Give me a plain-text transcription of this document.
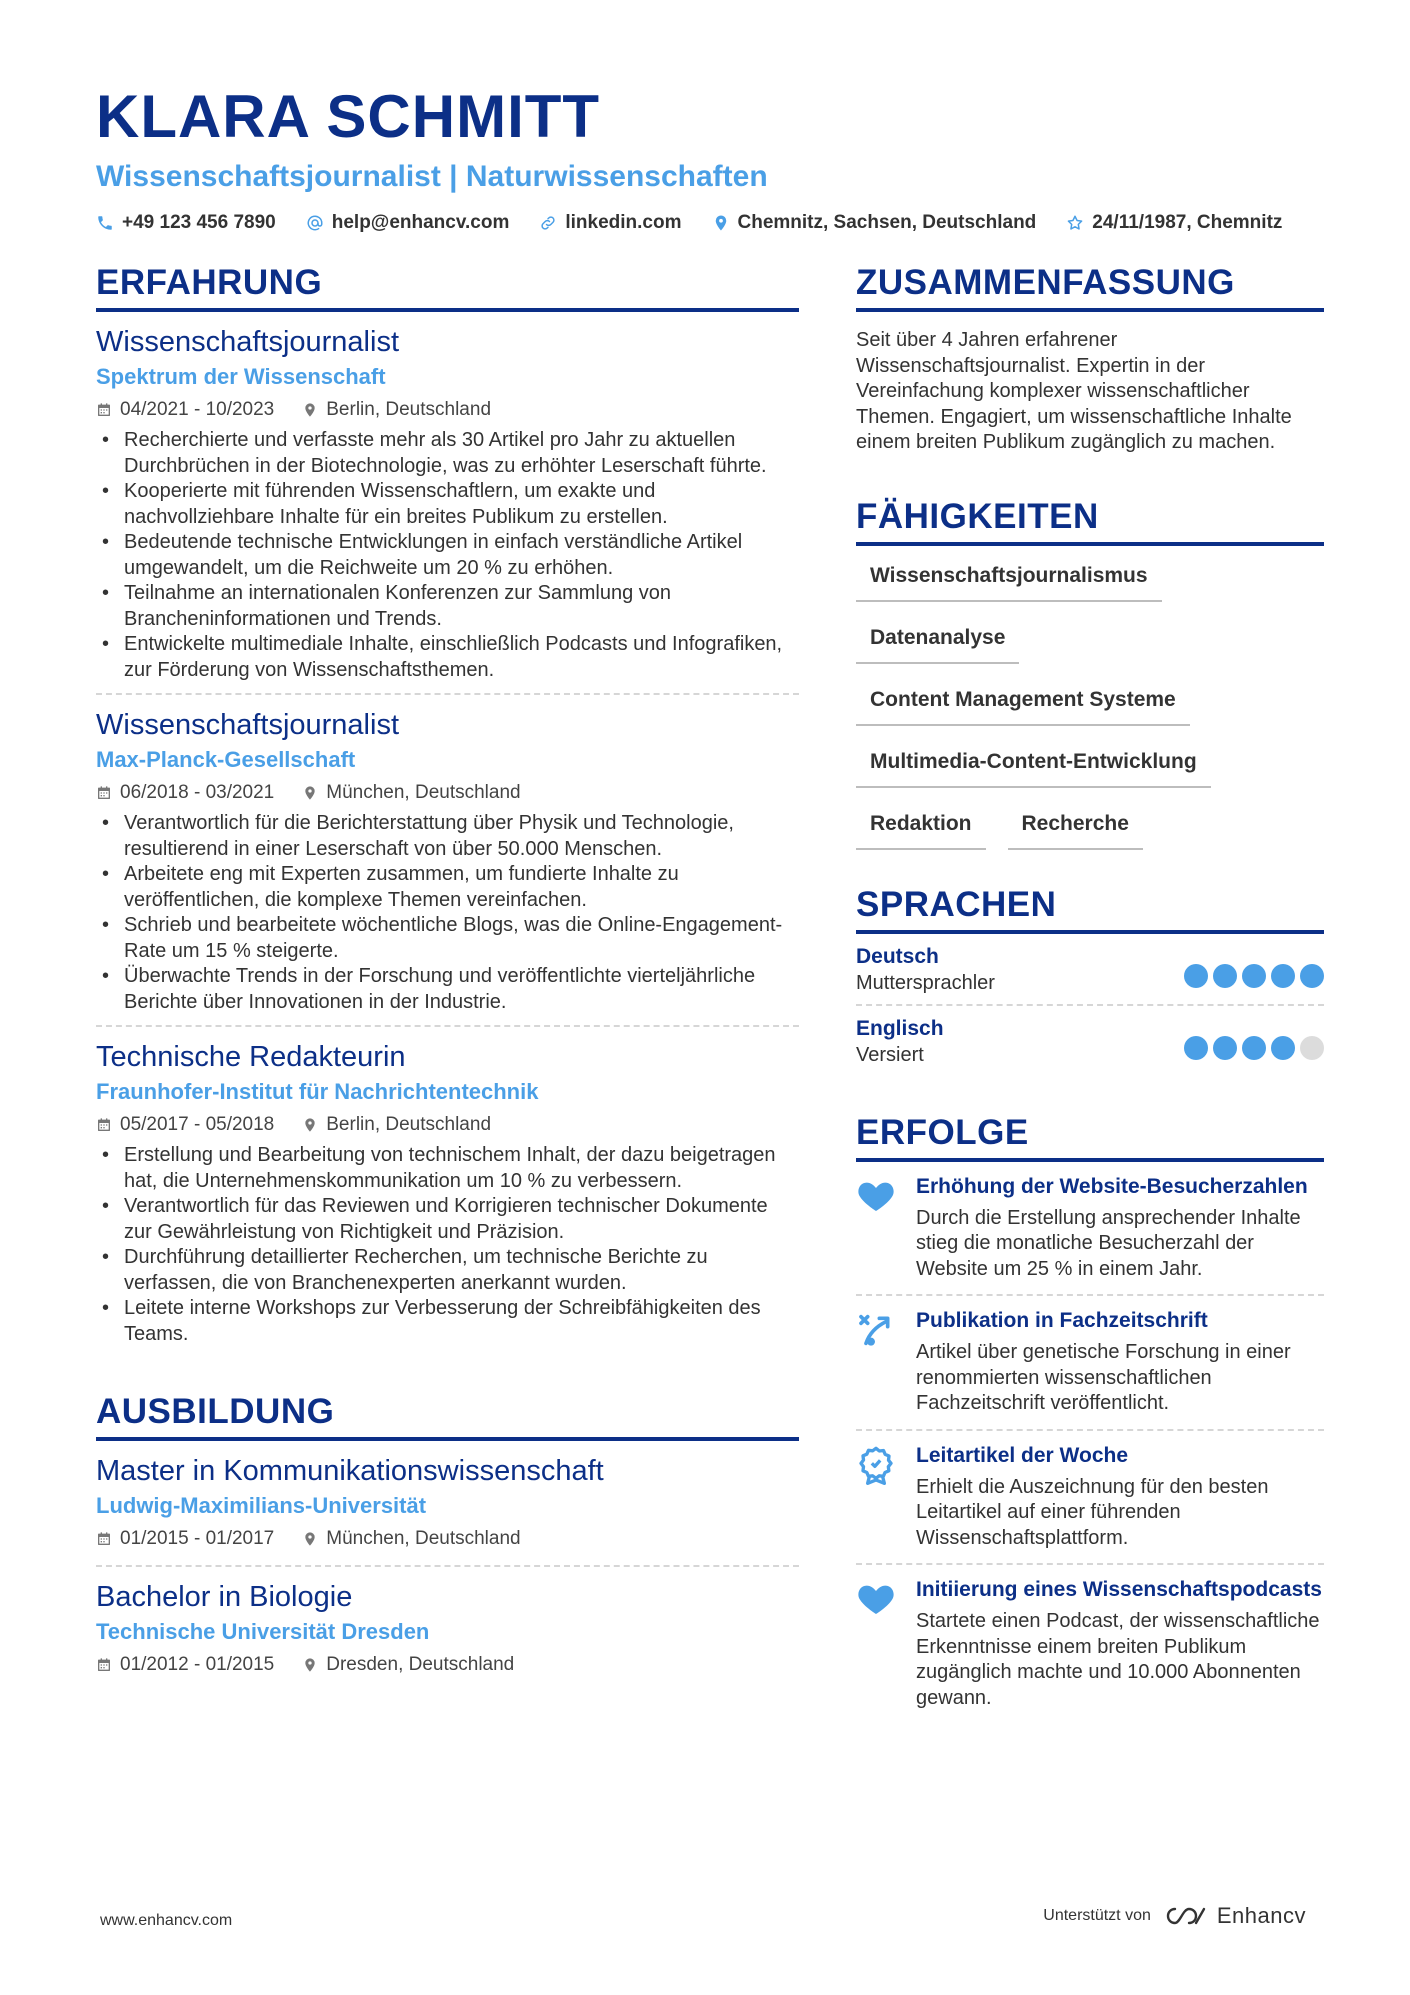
KLARA SCHMITT
Wissenschaftsjournalist | Naturwissenschaften
+49 123 456 7890	help@enhancv.com	linkedin.com	Chemnitz, Sachsen, Deutschland	24/11/1987, Chemnitz
ERFAHRUNG
Wissenschaftsjournalist
Spektrum der Wissenschaft
04/2021 - 10/2023	Berlin, Deutschland
• Recherchierte und verfasste mehr als 30 Artikel pro Jahr zu aktuellen Durchbrüchen in der Biotechnologie, was zu erhöhter Leserschaft führte.
• Kooperierte mit führenden Wissenschaftlern, um exakte und nachvollziehbare Inhalte für ein breites Publikum zu erstellen.
• Bedeutende technische Entwicklungen in einfach verständliche Artikel umgewandelt, um die Reichweite um 20 % zu erhöhen.
• Teilnahme an internationalen Konferenzen zur Sammlung von Brancheninformationen und Trends.
• Entwickelte multimediale Inhalte, einschließlich Podcasts und Infografiken, zur Förderung von Wissenschaftsthemen.
Wissenschaftsjournalist
Max-Planck-Gesellschaft
06/2018 - 03/2021	München, Deutschland
• Verantwortlich für die Berichterstattung über Physik und Technologie, resultierend in einer Leserschaft von über 50.000 Menschen.
• Arbeitete eng mit Experten zusammen, um fundierte Inhalte zu veröffentlichen, die komplexe Themen vereinfachen.
• Schrieb und bearbeitete wöchentliche Blogs, was die Online-Engagement-Rate um 15 % steigerte.
• Überwachte Trends in der Forschung und veröffentlichte vierteljährliche Berichte über Innovationen in der Industrie.
Technische Redakteurin
Fraunhofer-Institut für Nachrichtentechnik
05/2017 - 05/2018	Berlin, Deutschland
• Erstellung und Bearbeitung von technischem Inhalt, der dazu beigetragen hat, die Unternehmenskommunikation um 10 % zu verbessern.
• Verantwortlich für das Reviewen und Korrigieren technischer Dokumente zur Gewährleistung von Richtigkeit und Präzision.
• Durchführung detaillierter Recherchen, um technische Berichte zu verfassen, die von Branchenexperten anerkannt wurden.
• Leitete interne Workshops zur Verbesserung der Schreibfähigkeiten des Teams.
AUSBILDUNG
Master in Kommunikationswissenschaft
Ludwig-Maximilians-Universität
01/2015 - 01/2017	München, Deutschland
Bachelor in Biologie
Technische Universität Dresden
01/2012 - 01/2015	Dresden, Deutschland
ZUSAMMENFASSUNG
Seit über 4 Jahren erfahrener Wissenschaftsjournalist. Expertin in der Vereinfachung komplexer wissenschaftlicher Themen. Engagiert, um wissenschaftliche Inhalte einem breiten Publikum zugänglich zu machen.
FÄHIGKEITEN
Wissenschaftsjournalismus
Datenanalyse
Content Management Systeme
Multimedia-Content-Entwicklung
Redaktion	Recherche
SPRACHEN
Deutsch
Muttersprachler
Englisch
Versiert
ERFOLGE
Erhöhung der Website-Besucherzahlen
Durch die Erstellung ansprechender Inhalte stieg die monatliche Besucherzahl der Website um 25 % in einem Jahr.
Publikation in Fachzeitschrift
Artikel über genetische Forschung in einer renommierten wissenschaftlichen Fachzeitschrift veröffentlicht.
Leitartikel der Woche
Erhielt die Auszeichnung für den besten Leitartikel auf einer führenden Wissenschaftsplattform.
Initiierung eines Wissenschaftspodcasts
Startete einen Podcast, der wissenschaftliche Erkenntnisse einem breiten Publikum zugänglich machte und 10.000 Abonnenten gewann.
www.enhancv.com	Unterstützt von	Enhancv
